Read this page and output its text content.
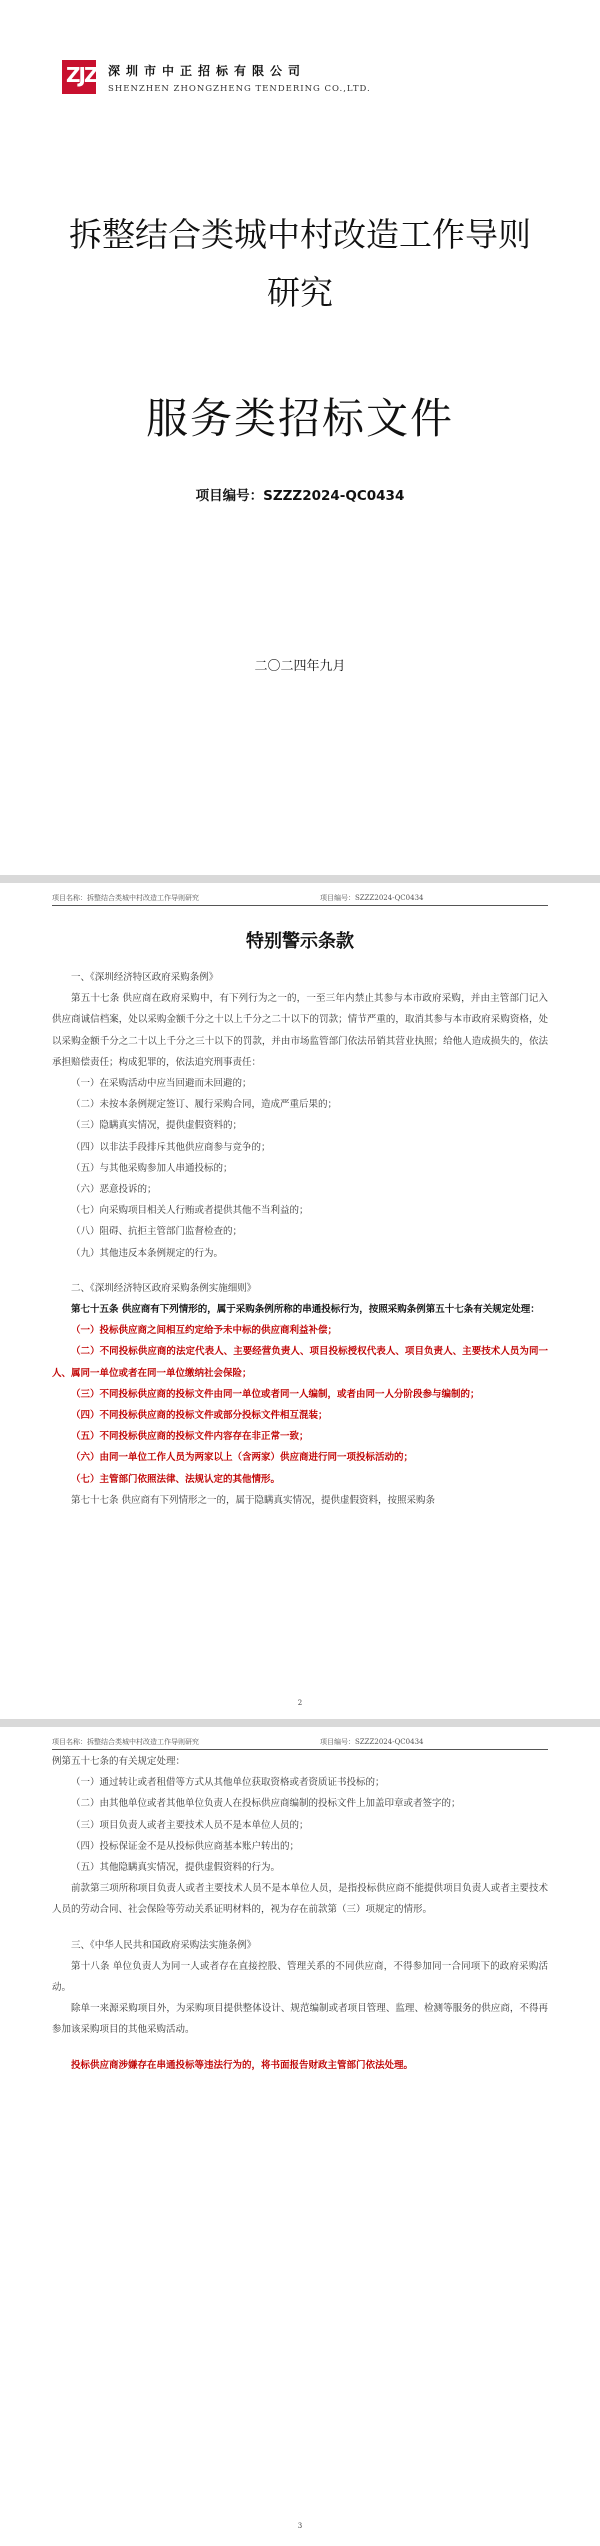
ZJZ 深圳市中正招标有限公司
SHENZHEN ZHONGZHENG TENDERING CO.,LTD.
拆整结合类城中村改造工作导则研究
服务类招标文件
项目编号：SZZZ2024-QC0434
二〇二四年九月
项目名称：拆整结合类城中村改造工作导则研究	项目编号：SZZZ2024-QC0434
特别警示条款

一、《深圳经济特区政府采购条例》

第五十七条 供应商在政府采购中，有下列行为之一的，一至三年内禁止其参与本市政府采购，并由主管部门记入供应商诚信档案，处以采购金额千分之十以上千分之二十以下的罚款；情节严重的，取消其参与本市政府采购资格，处以采购金额千分之二十以上千分之三十以下的罚款，并由市场监管部门依法吊销其营业执照；给他人造成损失的，依法承担赔偿责任；构成犯罪的，依法追究刑事责任：

（一）在采购活动中应当回避而未回避的；

（二）未按本条例规定签订、履行采购合同，造成严重后果的；

（三）隐瞒真实情况，提供虚假资料的；

（四）以非法手段排斥其他供应商参与竞争的；

（五）与其他采购参加人串通投标的；

（六）恶意投诉的；

（七）向采购项目相关人行贿或者提供其他不当利益的；

（八）阻碍、抗拒主管部门监督检查的；

（九）其他违反本条例规定的行为。

二、《深圳经济特区政府采购条例实施细则》

第七十五条 供应商有下列情形的，属于采购条例所称的串通投标行为，按照采购条例第五十七条有关规定处理：

（一）投标供应商之间相互约定给予未中标的供应商利益补偿；

（二）不同投标供应商的法定代表人、主要经营负责人、项目投标授权代表人、项目负责人、主要技术人员为同一人、属同一单位或者在同一单位缴纳社会保险；

（三）不同投标供应商的投标文件由同一单位或者同一人编制，或者由同一人分阶段参与编制的；

（四）不同投标供应商的投标文件或部分投标文件相互混装；

（五）不同投标供应商的投标文件内容存在非正常一致；

（六）由同一单位工作人员为两家以上（含两家）供应商进行同一项投标活动的；

（七）主管部门依照法律、法规认定的其他情形。

第七十七条 供应商有下列情形之一的，属于隐瞒真实情况，提供虚假资料，按照采购条

2
项目名称：拆整结合类城中村改造工作导则研究	项目编号：SZZZ2024-QC0434

例第五十七条的有关规定处理：

（一）通过转让或者租借等方式从其他单位获取资格或者资质证书投标的；

（二）由其他单位或者其他单位负责人在投标供应商编制的投标文件上加盖印章或者签字的；

（三）项目负责人或者主要技术人员不是本单位人员的；

（四）投标保证金不是从投标供应商基本账户转出的；

（五）其他隐瞒真实情况，提供虚假资料的行为。

前款第三项所称项目负责人或者主要技术人员不是本单位人员，是指投标供应商不能提供项目负责人或者主要技术人员的劳动合同、社会保险等劳动关系证明材料的，视为存在前款第（三）项规定的情形。

三、《中华人民共和国政府采购法实施条例》

第十八条 单位负责人为同一人或者存在直接控股、管理关系的不同供应商，不得参加同一合同项下的政府采购活动。

除单一来源采购项目外，为采购项目提供整体设计、规范编制或者项目管理、监理、检测等服务的供应商，不得再参加该采购项目的其他采购活动。

投标供应商涉嫌存在串通投标等违法行为的，将书面报告财政主管部门依法处理。

3
